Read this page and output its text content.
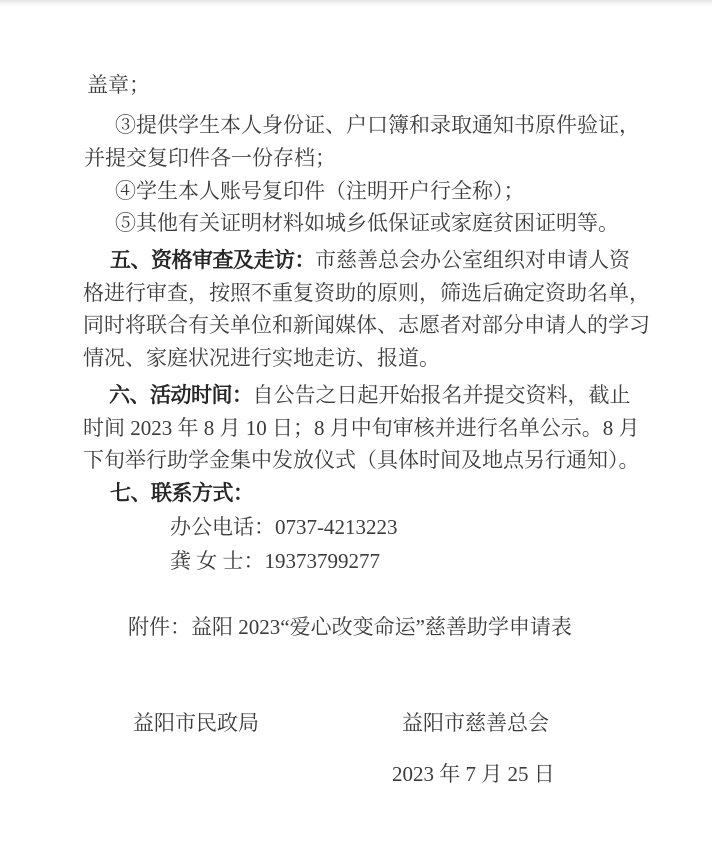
盖章；
③提供学生本人身份证、户口簿和录取通知书原件验证，
并提交复印件各一份存档；
④学生本人账号复印件（注明开户行全称）；
⑤其他有关证明材料如城乡低保证或家庭贫困证明等。
五、资格审查及走访：市慈善总会办公室组织对申请人资
格进行审查，按照不重复资助的原则，筛选后确定资助名单，
同时将联合有关单位和新闻媒体、志愿者对部分申请人的学习
情况、家庭状况进行实地走访、报道。
六、活动时间：自公告之日起开始报名并提交资料，截止
时间 2023 年 8 月 10 日；8 月中旬审核并进行名单公示。8 月
下旬举行助学金集中发放仪式（具体时间及地点另行通知）。
七、联系方式：
办公电话：0737-4213223
龚 女 士：19373799277
附件：益阳 2023“爱心改变命运”慈善助学申请表
益阳市民政局	益阳市慈善总会
2023 年 7 月 25 日
